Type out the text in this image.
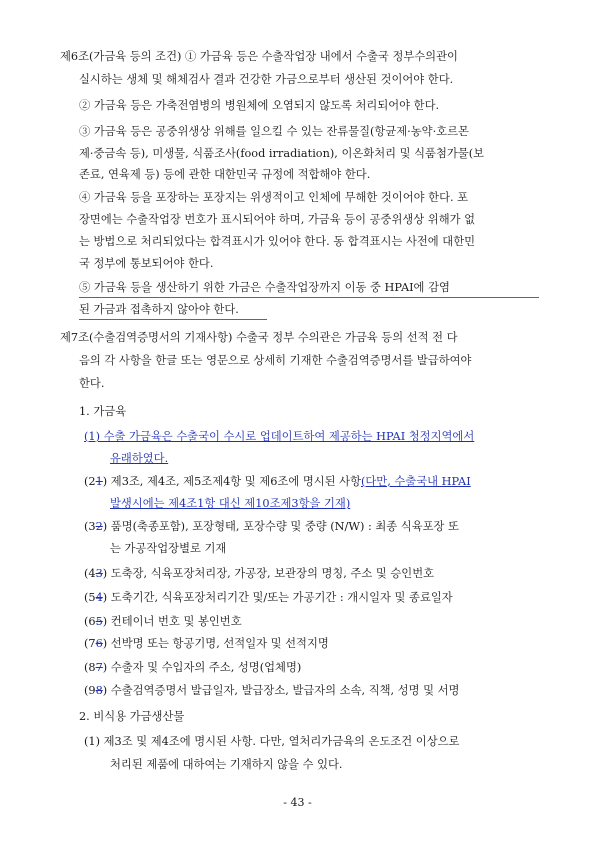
제6조(가금육 등의 조건) ① 가금육 등은 수출작업장 내에서 수출국 정부수의관이
실시하는 생체 및 해체검사 결과 건강한 가금으로부터 생산된 것이어야 한다.
② 가금육 등은 가축전염병의 병원체에 오염되지 않도록 처리되어야 한다.
③ 가금육 등은 공중위생상 위해를 일으킬 수 있는 잔류물질(항균제·농약·호르몬
제·중금속 등), 미생물, 식품조사(food irradiation), 이온화처리 및 식품첨가물(보
존료, 연육제 등) 등에 관한 대한민국 규정에 적합해야 한다.
④ 가금육 등을 포장하는 포장지는 위생적이고 인체에 무해한 것이어야 한다. 포
장면에는 수출작업장 번호가 표시되어야 하며, 가금육 등이 공중위생상 위해가 없
는 방법으로 처리되었다는 합격표시가 있어야 한다. 동 합격표시는 사전에 대한민
국 정부에 통보되어야 한다.
⑤ 가금육 등을 생산하기 위한 가금은 수출작업장까지 이동 중 HPAI에 감염
된 가금과 접촉하지 않아야 한다.
제7조(수출검역증명서의 기재사항) 수출국 정부 수의관은 가금육 등의 선적 전 다
음의 각 사항을 한글 또는 영문으로 상세히 기재한 수출검역증명서를 발급하여야
한다.
1. 가금육
(1) 수출 가금육은 수출국이 수시로 업데이트하여 제공하는 HPAI 청정지역에서
유래하였다.
(21) 제3조, 제4조, 제5조제4항 및 제6조에 명시된 사항(다만, 수출국내 HPAI
발생시에는 제4조1항 대신 제10조제3항을 기재)
(32) 품명(축종포함), 포장형태, 포장수량 및 중량 (N/W) : 최종 식육포장 또
는 가공작업장별로 기재
(43) 도축장, 식육포장처리장, 가공장, 보관장의 명칭, 주소 및 승인번호
(54) 도축기간, 식육포장처리기간 및/또는 가공기간 : 개시일자 및 종료일자
(65) 컨테이너 번호 및 봉인번호
(76) 선박명 또는 항공기명, 선적일자 및 선적지명
(87) 수출자 및 수입자의 주소, 성명(업체명)
(98) 수출검역증명서 발급일자, 발급장소, 발급자의 소속, 직책, 성명 및 서명
2. 비식용 가금생산물
(1) 제3조 및 제4조에 명시된 사항. 다만, 열처리가금육의 온도조건 이상으로
처리된 제품에 대하여는 기재하지 않을 수 있다.
- 43 -
